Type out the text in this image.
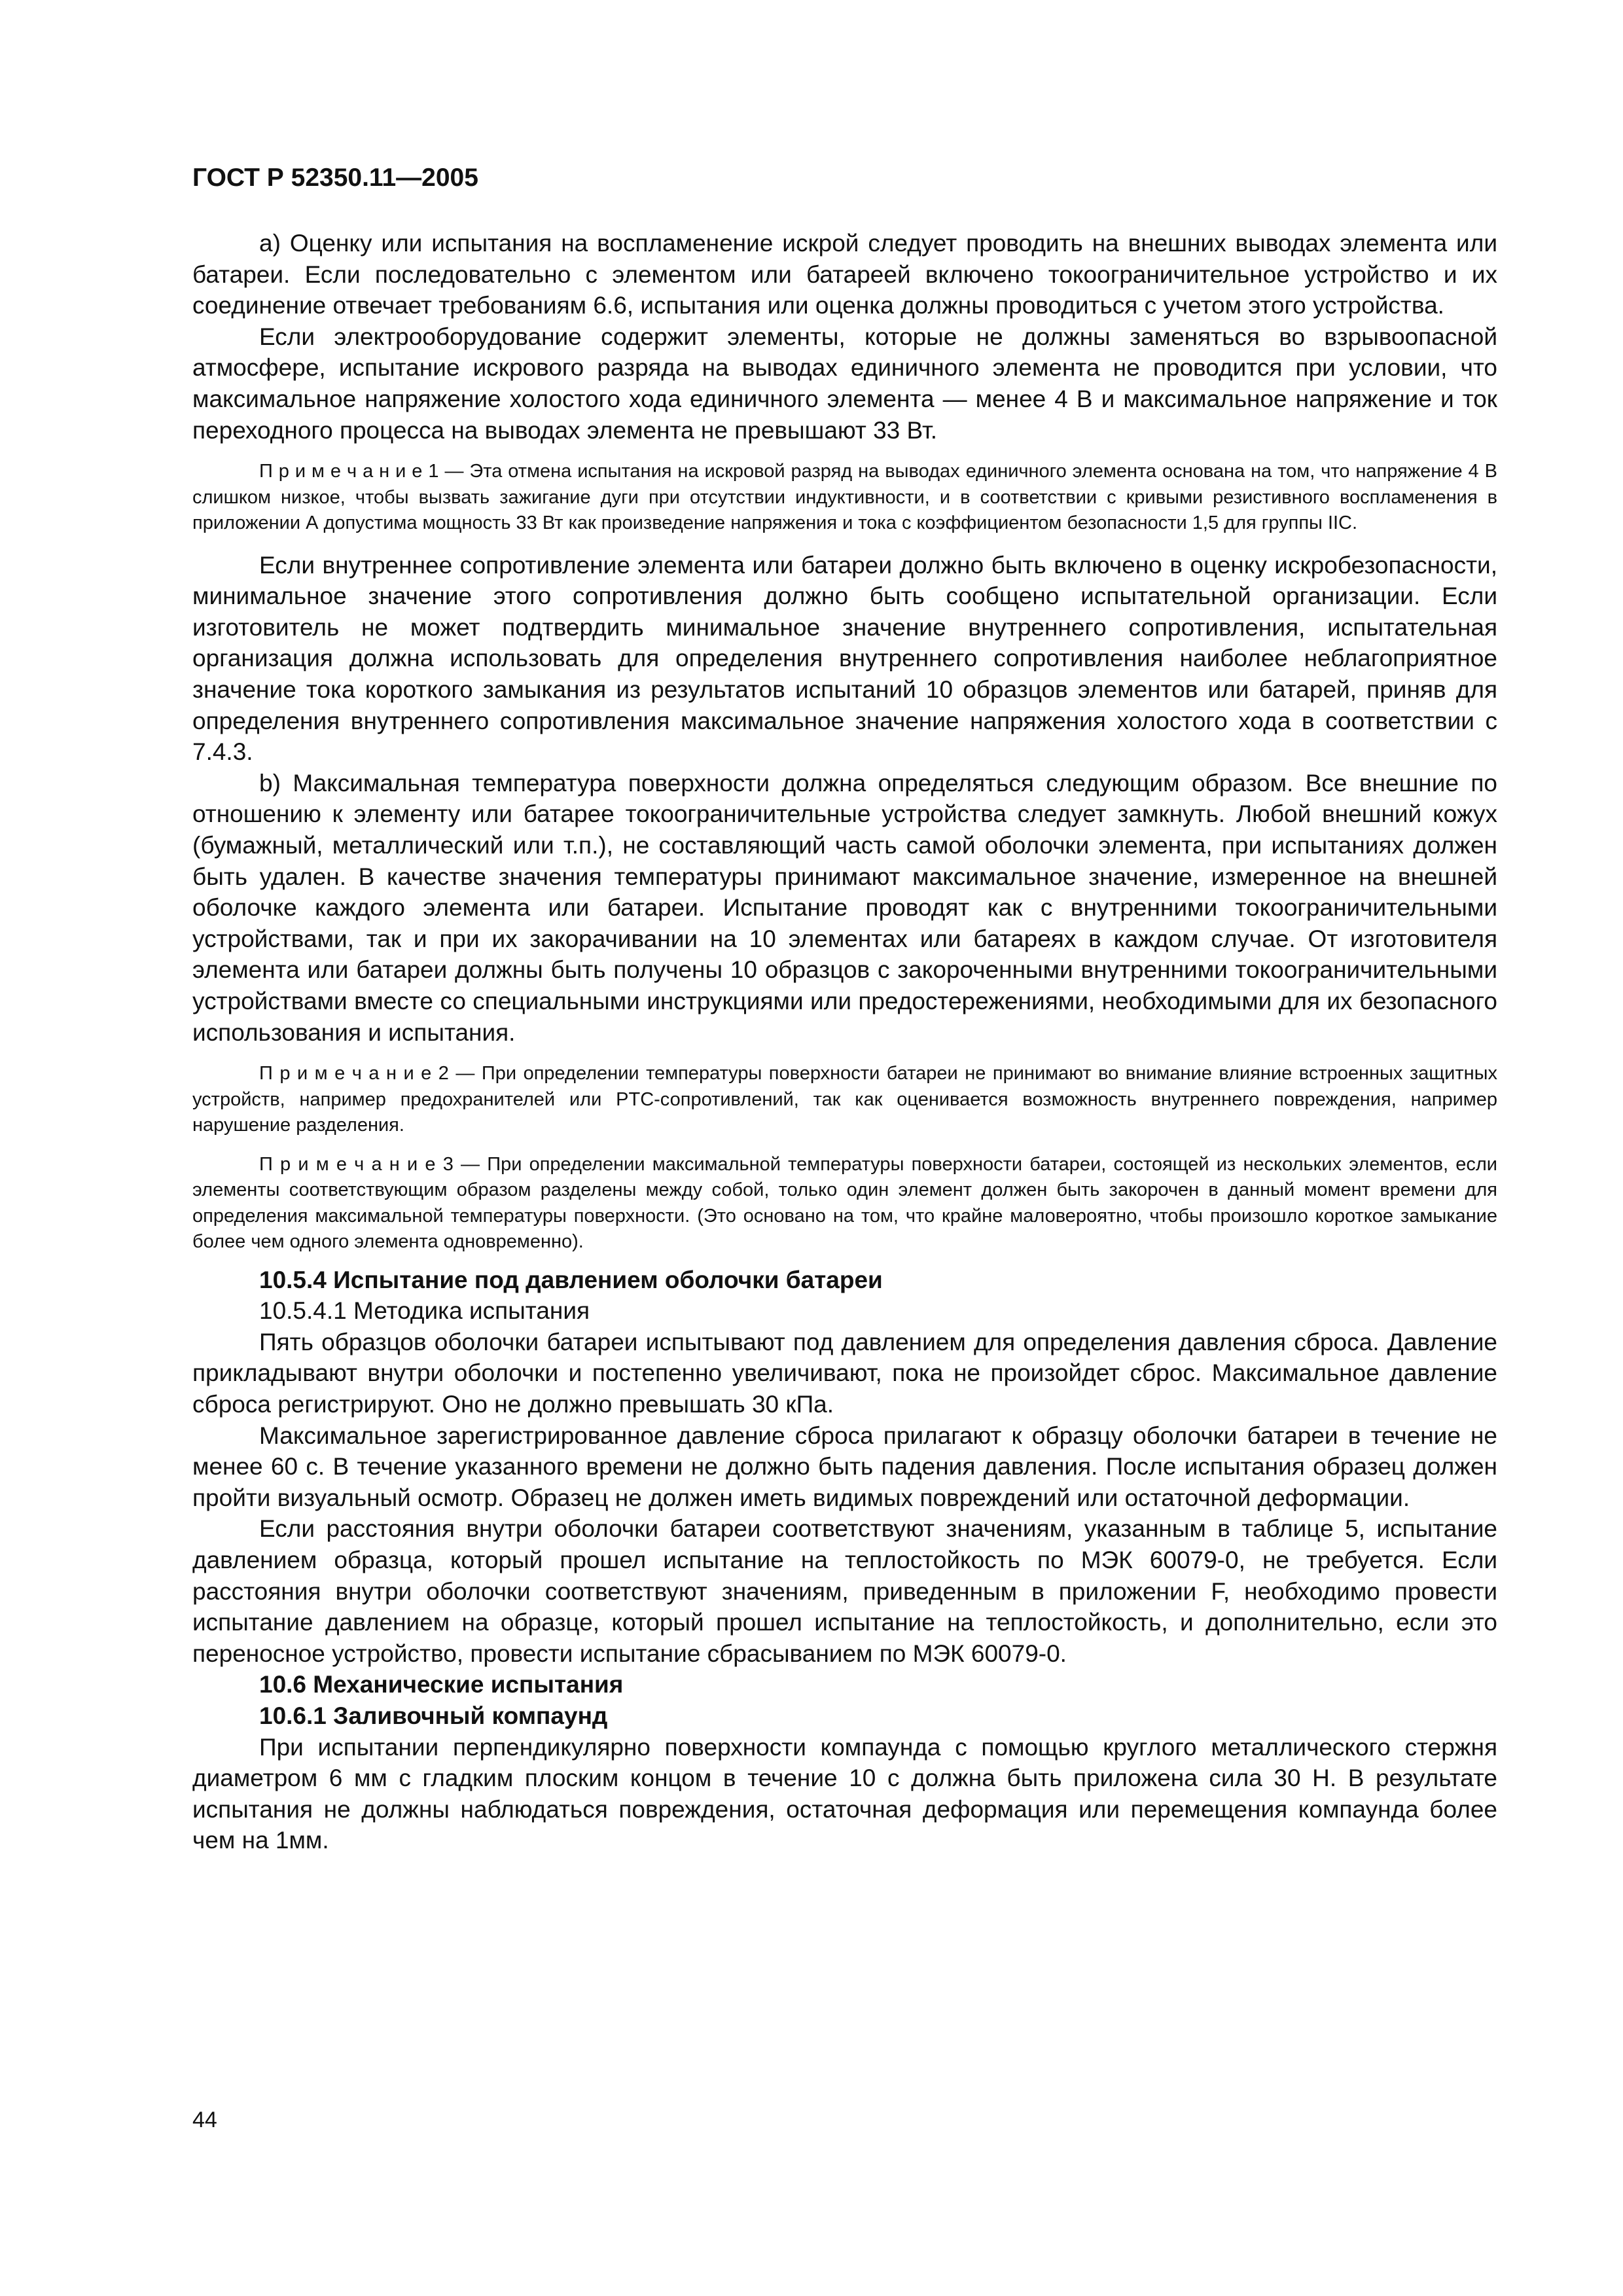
ГОСТ Р 52350.11—2005

а) Оценку или испытания на воспламенение искрой следует проводить на внешних выводах элемента или батареи. Если последовательно с элементом или батареей включено токоограничительное устройство и их соединение отвечает требованиям 6.6, испытания или оценка должны проводиться с учетом этого устройства.

Если электрооборудование содержит элементы, которые не должны заменяться во взрывоопасной атмосфере, испытание искрового разряда на выводах единичного элемента не проводится при условии, что максимальное напряжение холостого хода единичного элемента — менее 4 В и максимальное напряжение и ток переходного процесса на выводах элемента не превышают 33 Вт.

П р и м е ч а н и е 1 — Эта отмена испытания на искровой разряд на выводах единичного элемента основана на том, что напряжение 4 В слишком низкое, чтобы вызвать зажигание дуги при отсутствии индуктивности, и в соответствии с кривыми резистивного воспламенения в приложении А допустима мощность 33 Вт как произведение напряжения и тока с коэффициентом безопасности 1,5 для группы IIC.

Если внутреннее сопротивление элемента или батареи должно быть включено в оценку искробезопасности, минимальное значение этого сопротивления должно быть сообщено испытательной организации. Если изготовитель не может подтвердить минимальное значение внутреннего сопротивления, испытательная организация должна использовать для определения внутреннего сопротивления наиболее неблагоприятное значение тока короткого замыкания из результатов испытаний 10 образцов элементов или батарей, приняв для определения внутреннего сопротивления максимальное значение напряжения холостого хода в соответствии с 7.4.3.

b) Максимальная температура поверхности должна определяться следующим образом. Все внешние по отношению к элементу или батарее токоограничительные устройства следует замкнуть. Любой внешний кожух (бумажный, металлический или т.п.), не составляющий часть самой оболочки элемента, при испытаниях должен быть удален. В качестве значения температуры принимают максимальное значение, измеренное на внешней оболочке каждого элемента или батареи. Испытание проводят как с внутренними токоограничительными устройствами, так и при их закорачивании на 10 элементах или батареях в каждом случае. От изготовителя элемента или батареи должны быть получены 10 образцов с закороченными внутренними токоограничительными устройствами вместе со специальными инструкциями или предостережениями, необходимыми для их безопасного использования и испытания.

П р и м е ч а н и е 2 — При определении температуры поверхности батареи не принимают во внимание влияние встроенных защитных устройств, например предохранителей или PTC-сопротивлений, так как оценивается возможность внутреннего повреждения, например нарушение разделения.

П р и м е ч а н и е 3 — При определении максимальной температуры поверхности батареи, состоящей из нескольких элементов, если элементы соответствующим образом разделены между собой, только один элемент должен быть закорочен в данный момент времени для определения максимальной температуры поверхности. (Это основано на том, что крайне маловероятно, чтобы произошло короткое замыкание более чем одного элемента одновременно).

10.5.4 Испытание под давлением оболочки батареи

10.5.4.1 Методика испытания

Пять образцов оболочки батареи испытывают под давлением для определения давления сброса. Давление прикладывают внутри оболочки и постепенно увеличивают, пока не произойдет сброс. Максимальное давление сброса регистрируют. Оно не должно превышать 30 кПа.

Максимальное зарегистрированное давление сброса прилагают к образцу оболочки батареи в течение не менее 60 с. В течение указанного времени не должно быть падения давления. После испытания образец должен пройти визуальный осмотр. Образец не должен иметь видимых повреждений или остаточной деформации.

Если расстояния внутри оболочки батареи соответствуют значениям, указанным в таблице 5, испытание давлением образца, который прошел испытание на теплостойкость по МЭК 60079-0, не требуется. Если расстояния внутри оболочки соответствуют значениям, приведенным в приложении F, необходимо провести испытание давлением на образце, который прошел испытание на теплостойкость, и дополнительно, если это переносное устройство, провести испытание сбрасыванием по МЭК 60079-0.

10.6 Механические испытания

10.6.1 Заливочный компаунд

При испытании перпендикулярно поверхности компаунда с помощью круглого металлического стержня диаметром 6 мм с гладким плоским концом в течение 10 с должна быть приложена сила 30 Н. В результате испытания не должны наблюдаться повреждения, остаточная деформация или перемещения компаунда более чем на 1мм.

44
